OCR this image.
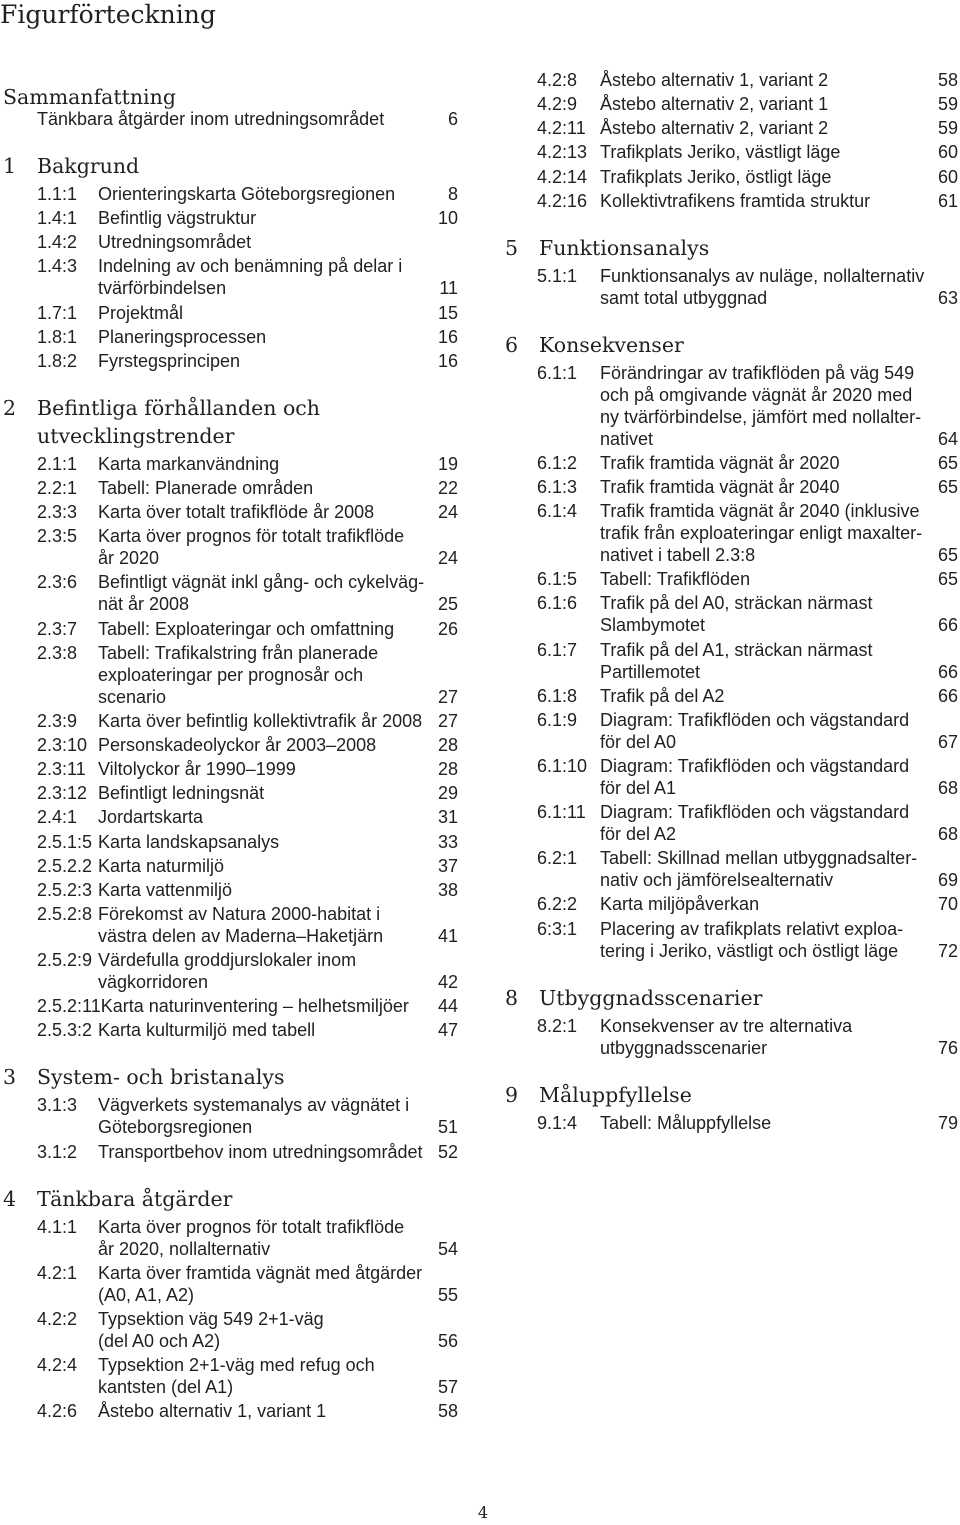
Figurförteckning
Sammanfattning
Tänkbara åtgärder inom utredningsområdet	6
1	Bakgrund
1.1:1	Orienteringskarta Göteborgsregionen	8
1.4:1	Befintlig vägstruktur	10
1.4:2	Utredningsområdet
1.4:3	Indelning av och benämning på delar i
tvärförbindelsen	11
1.7:1	Projektmål	15
1.8:1	Planeringsprocessen	16
1.8:2	Fyrstegsprincipen	16
2	Befintliga förhållanden och
utvecklingstrender
2.1:1	Karta markanvändning	19
2.2:1	Tabell: Planerade områden	22
2.3:3	Karta över totalt trafikflöde år 2008	24
2.3:5	Karta över prognos för totalt trafikflöde
år 2020	24
2.3:6	Befintligt vägnät inkl gång- och cykelväg-
nät år 2008	25
2.3:7	Tabell: Exploateringar och omfattning 26
2.3:8	Tabell: Trafikalstring från planerade
exploateringar per prognosår och
scenario	27
2.3:9	Karta över befintlig kollektivtrafik år 2008 27
2.3:10 Personskadeolyckor år 2003–2008	28
2.3:11 Viltolyckor år 1990–1999	28
2.3:12 Befintligt ledningsnät	29
2.4:1	Jordartskarta	31
2.5.1:5 Karta landskapsanalys	33
2.5.2.2 Karta naturmiljö	37
2.5.2:3 Karta vattenmiljö	38
2.5.2:8 Förekomst av Natura 2000-habitat i
västra delen av Maderna–Haketjärn	41
2.5.2:9 Värdefulla groddjurslokaler inom
vägkorridoren	42
2.5.2:11 Karta naturinventering – helhetsmiljöer 44
2.5.3:2 Karta kulturmiljö med tabell	47
3	System- och bristanalys
3.1:3	Vägverkets systemanalys av vägnätet i
Göteborgsregionen	51
3.1:2	Transportbehov inom utredningsområdet 52
4	Tänkbara åtgärder
4.1:1	Karta över prognos för totalt trafikflöde
år 2020, nollalternativ	54
4.2:1	Karta över framtida vägnät med åtgärder
(A0, A1, A2)	55
4.2:2	Typsektion väg 549 2+1-väg
(del A0 och A2)	56
4.2:4	Typsektion 2+1-väg med refug och
kantsten (del A1)	57
4.2:6	Åstebo alternativ 1, variant 1	58
4.2:8	Åstebo alternativ 1, variant 2	58
4.2:9	Åstebo alternativ 2, variant 1	59
4.2:11 Åstebo alternativ 2, variant 2	59
4.2:13 Trafikplats Jeriko, västligt läge	60
4.2:14 Trafikplats Jeriko, östligt läge	60
4.2:16 Kollektivtrafikens framtida struktur	61
5	Funktionsanalys
5.1:1	Funktionsanalys av nuläge, nollalternativ
samt total utbyggnad	63
6	Konsekvenser
6.1:1	Förändringar av trafikflöden på väg 549
och på omgivande vägnät år 2020 med
ny tvärförbindelse, jämfört med nollalter-
nativet	64
6.1:2	Trafik framtida vägnät år 2020	65
6.1:3	Trafik framtida vägnät år 2040	65
6.1:4	Trafik framtida vägnät år 2040 (inklusive
trafik från exploateringar enligt maxalter-
nativet i tabell 2.3:8	65
6.1:5	Tabell: Trafikflöden	65
6.1:6	Trafik på del A0, sträckan närmast
Slambymotet	66
6.1:7	Trafik på del A1, sträckan närmast
Partillemotet	66
6.1:8	Trafik på del A2	66
6.1:9	Diagram: Trafikflöden och vägstandard
för del A0	67
6.1:10 Diagram: Trafikflöden och vägstandard
för del A1	68
6.1:11 Diagram: Trafikflöden och vägstandard
för del A2	68
6.2:1	Tabell: Skillnad mellan utbyggnadsalter-
nativ och jämförelsealternativ	69
6.2:2	Karta miljöpåverkan	70
6:3:1	Placering av trafikplats relativt exploa-
tering i Jeriko, västligt och östligt läge 72
8	Utbyggnadsscenarier
8.2:1	Konsekvenser av tre alternativa
utbyggnadsscenarier	76
9	Måluppfyllelse
9.1:4	Tabell: Måluppfyllelse	79
4
